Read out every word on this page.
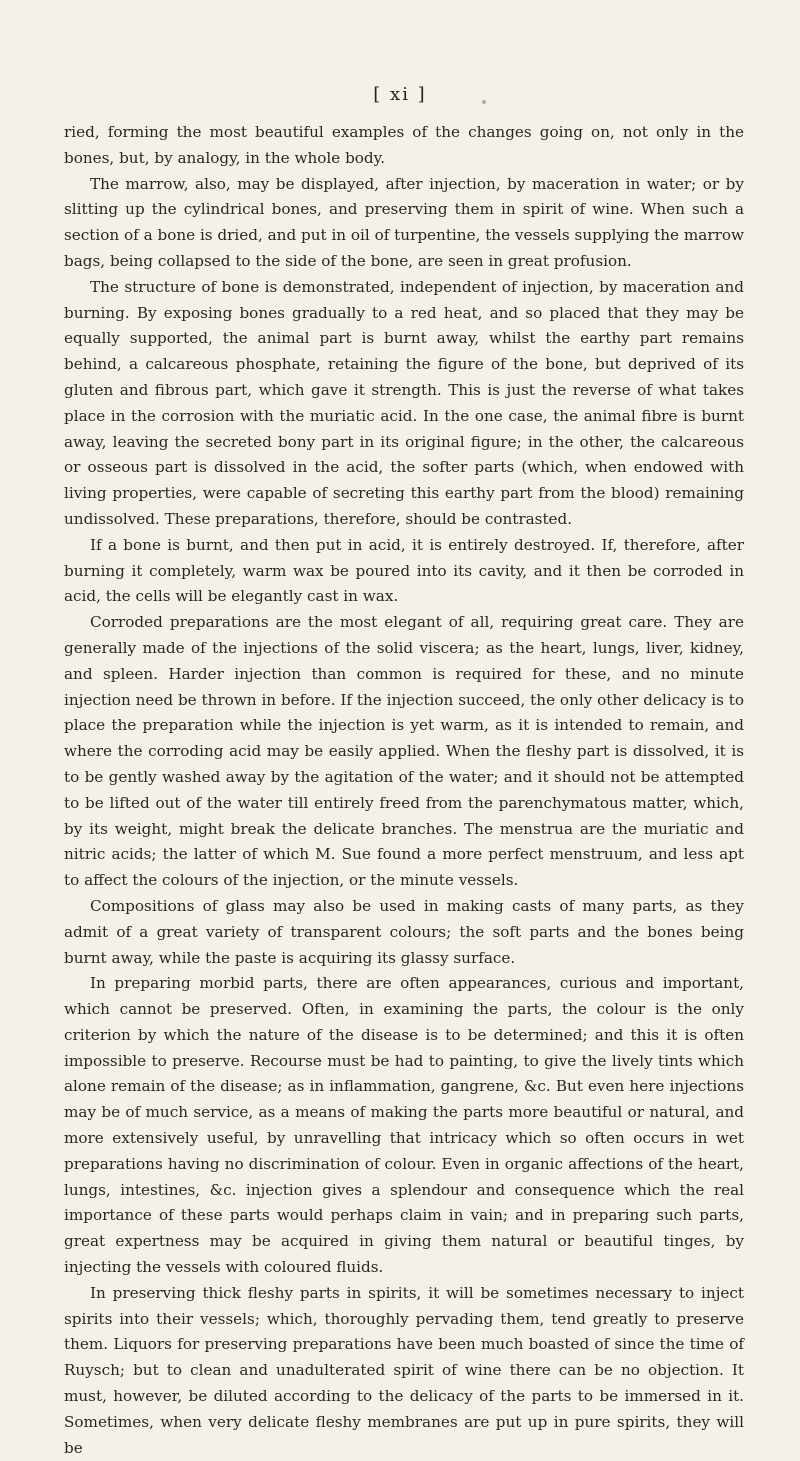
[ xi ]

ried, forming the most beautiful examples of the changes going on, not only in the bones, but, by analogy, in the whole body.

The marrow, also, may be displayed, after injection, by maceration in water; or by slitting up the cylindrical bones, and preserving them in spirit of wine. When such a section of a bone is dried, and put in oil of turpentine, the vessels supplying the marrow bags, being collapsed to the side of the bone, are seen in great profusion.

The structure of bone is demonstrated, independent of injection, by maceration and burning. By exposing bones gradually to a red heat, and so placed that they may be equally supported, the animal part is burnt away, whilst the earthy part remains behind, a calcareous phosphate, retaining the figure of the bone, but deprived of its gluten and fibrous part, which gave it strength. This is just the reverse of what takes place in the corrosion with the muriatic acid. In the one case, the animal fibre is burnt away, leaving the secreted bony part in its original figure; in the other, the calcareous or osseous part is dissolved in the acid, the softer parts (which, when endowed with living properties, were capable of secreting this earthy part from the blood) remaining undissolved. These preparations, therefore, should be contrasted.

If a bone is burnt, and then put in acid, it is entirely destroyed. If, therefore, after burning it completely, warm wax be poured into its cavity, and it then be corroded in acid, the cells will be elegantly cast in wax.

Corroded preparations are the most elegant of all, requiring great care. They are generally made of the injections of the solid viscera; as the heart, lungs, liver, kidney, and spleen. Harder injection than common is required for these, and no minute injection need be thrown in before. If the injection succeed, the only other delicacy is to place the preparation while the injection is yet warm, as it is intended to remain, and where the corroding acid may be easily applied. When the fleshy part is dissolved, it is to be gently washed away by the agitation of the water; and it should not be attempted to be lifted out of the water till entirely freed from the parenchymatous matter, which, by its weight, might break the delicate branches. The menstrua are the muriatic and nitric acids; the latter of which M. Sue found a more perfect menstruum, and less apt to affect the colours of the injection, or the minute vessels.

Compositions of glass may also be used in making casts of many parts, as they admit of a great variety of transparent colours; the soft parts and the bones being burnt away, while the paste is acquiring its glassy surface.

In preparing morbid parts, there are often appearances, curious and important, which cannot be preserved. Often, in examining the parts, the colour is the only criterion by which the nature of the disease is to be determined; and this it is often impossible to preserve. Recourse must be had to painting, to give the lively tints which alone remain of the disease; as in inflammation, gangrene, &c. But even here injections may be of much service, as a means of making the parts more beautiful or natural, and more extensively useful, by unravelling that intricacy which so often occurs in wet preparations having no discrimination of colour. Even in organic affections of the heart, lungs, intestines, &c. injection gives a splendour and consequence which the real importance of these parts would perhaps claim in vain; and in preparing such parts, great expertness may be acquired in giving them natural or beautiful tinges, by injecting the vessels with coloured fluids.

In preserving thick fleshy parts in spirits, it will be sometimes necessary to inject spirits into their vessels; which, thoroughly pervading them, tend greatly to preserve them. Liquors for preserving preparations have been much boasted of since the time of Ruysch; but to clean and unadulterated spirit of wine there can be no objection. It must, however, be diluted according to the delicacy of the parts to be immersed in it. Sometimes, when very delicate fleshy membranes are put up in pure spirits, they will be
